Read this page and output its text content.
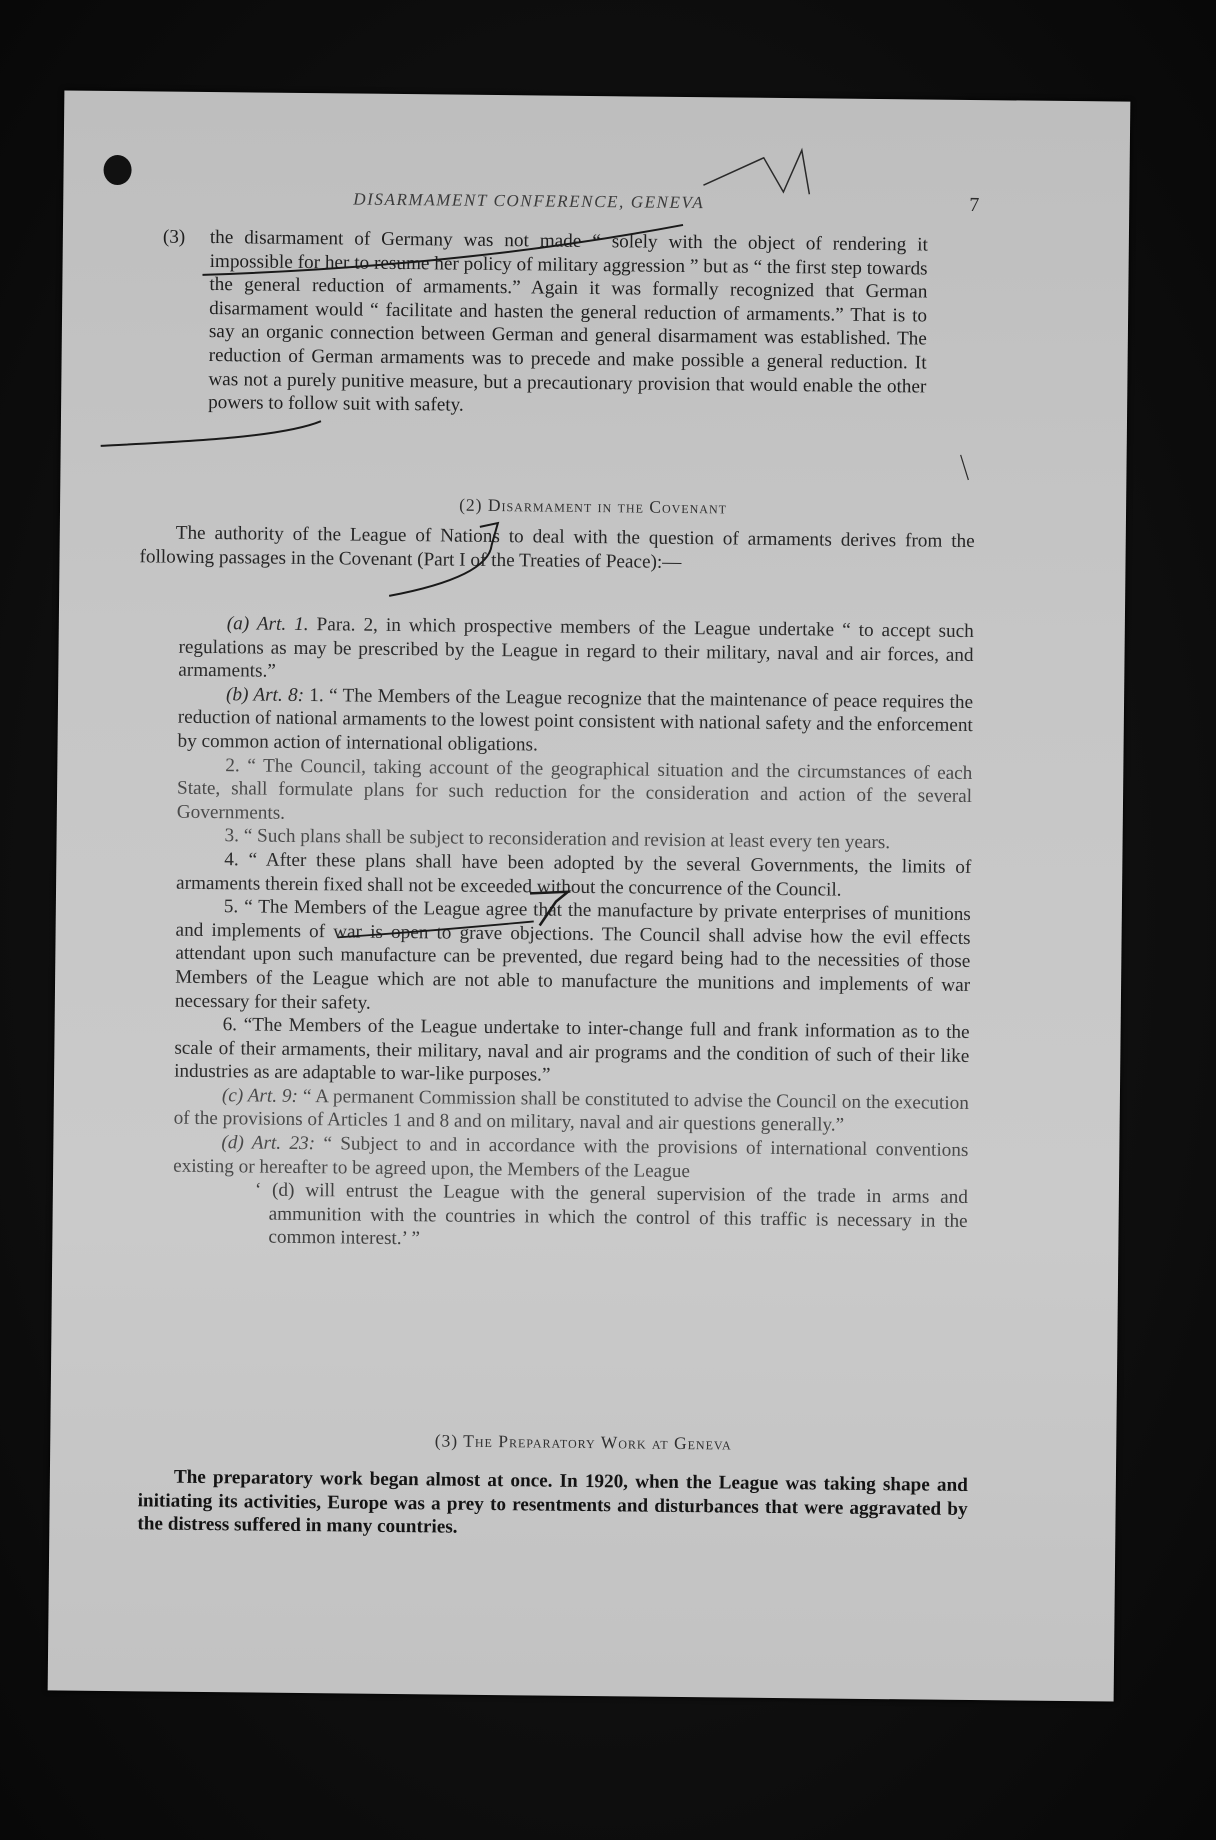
DISARMAMENT CONFERENCE, GENEVA	7
(3) the disarmament of Germany was not made “ solely with the object of rendering it impossible for her to resume her policy of military aggression ” but as “ the first step towards the general reduction of armaments.” Again it was formally recognized that German disarmament would “ facilitate and hasten the general reduction of armaments.” That is to say an organic connection between German and general disarmament was established. The reduction of German armaments was to precede and make possible a general reduction. It was not a purely punitive measure, but a precautionary provision that would enable the other powers to follow suit with safety.
(2) Disarmament in the Covenant

The authority of the League of Nations to deal with the question of armaments derives from the following passages in the Covenant (Part I of the Treaties of Peace):—

(a) Art. 1. Para. 2, in which prospective members of the League undertake “ to accept such regulations as may be prescribed by the League in regard to their military, naval and air forces, and armaments.”

(b) Art. 8: 1. “ The Members of the League recognize that the maintenance of peace requires the reduction of national armaments to the lowest point consistent with national safety and the enforcement by common action of international obligations.

2. “ The Council, taking account of the geographical situation and the circumstances of each State, shall formulate plans for such reduction for the consideration and action of the several Governments.

3. “ Such plans shall be subject to reconsideration and revision at least every ten years.

4. “ After these plans shall have been adopted by the several Governments, the limits of armaments therein fixed shall not be exceeded without the concurrence of the Council.

5. “ The Members of the League agree that the manufacture by private enterprises of munitions and implements of war is open to grave objections. The Council shall advise how the evil effects attendant upon such manufacture can be prevented, due regard being had to the necessities of those Members of the League which are not able to manufacture the munitions and implements of war necessary for their safety.

6. “The Members of the League undertake to inter-change full and frank information as to the scale of their armaments, their military, naval and air programs and the condition of such of their like industries as are adaptable to war-like purposes.”

(c) Art. 9: “ A permanent Commission shall be constituted to advise the Council on the execution of the provisions of Articles 1 and 8 and on military, naval and air questions generally.”

(d) Art. 23: “ Subject to and in accordance with the provisions of international conventions existing or hereafter to be agreed upon, the Members of the League

‘ (d) will entrust the League with the general supervision of the trade in arms and ammunition with the countries in which the control of this traffic is necessary in the common interest.’ ”

(3) The Preparatory Work at Geneva

The preparatory work began almost at once. In 1920, when the League was taking shape and initiating its activities, Europe was a prey to resentments and disturbances that were aggravated by the distress suffered in many countries.
